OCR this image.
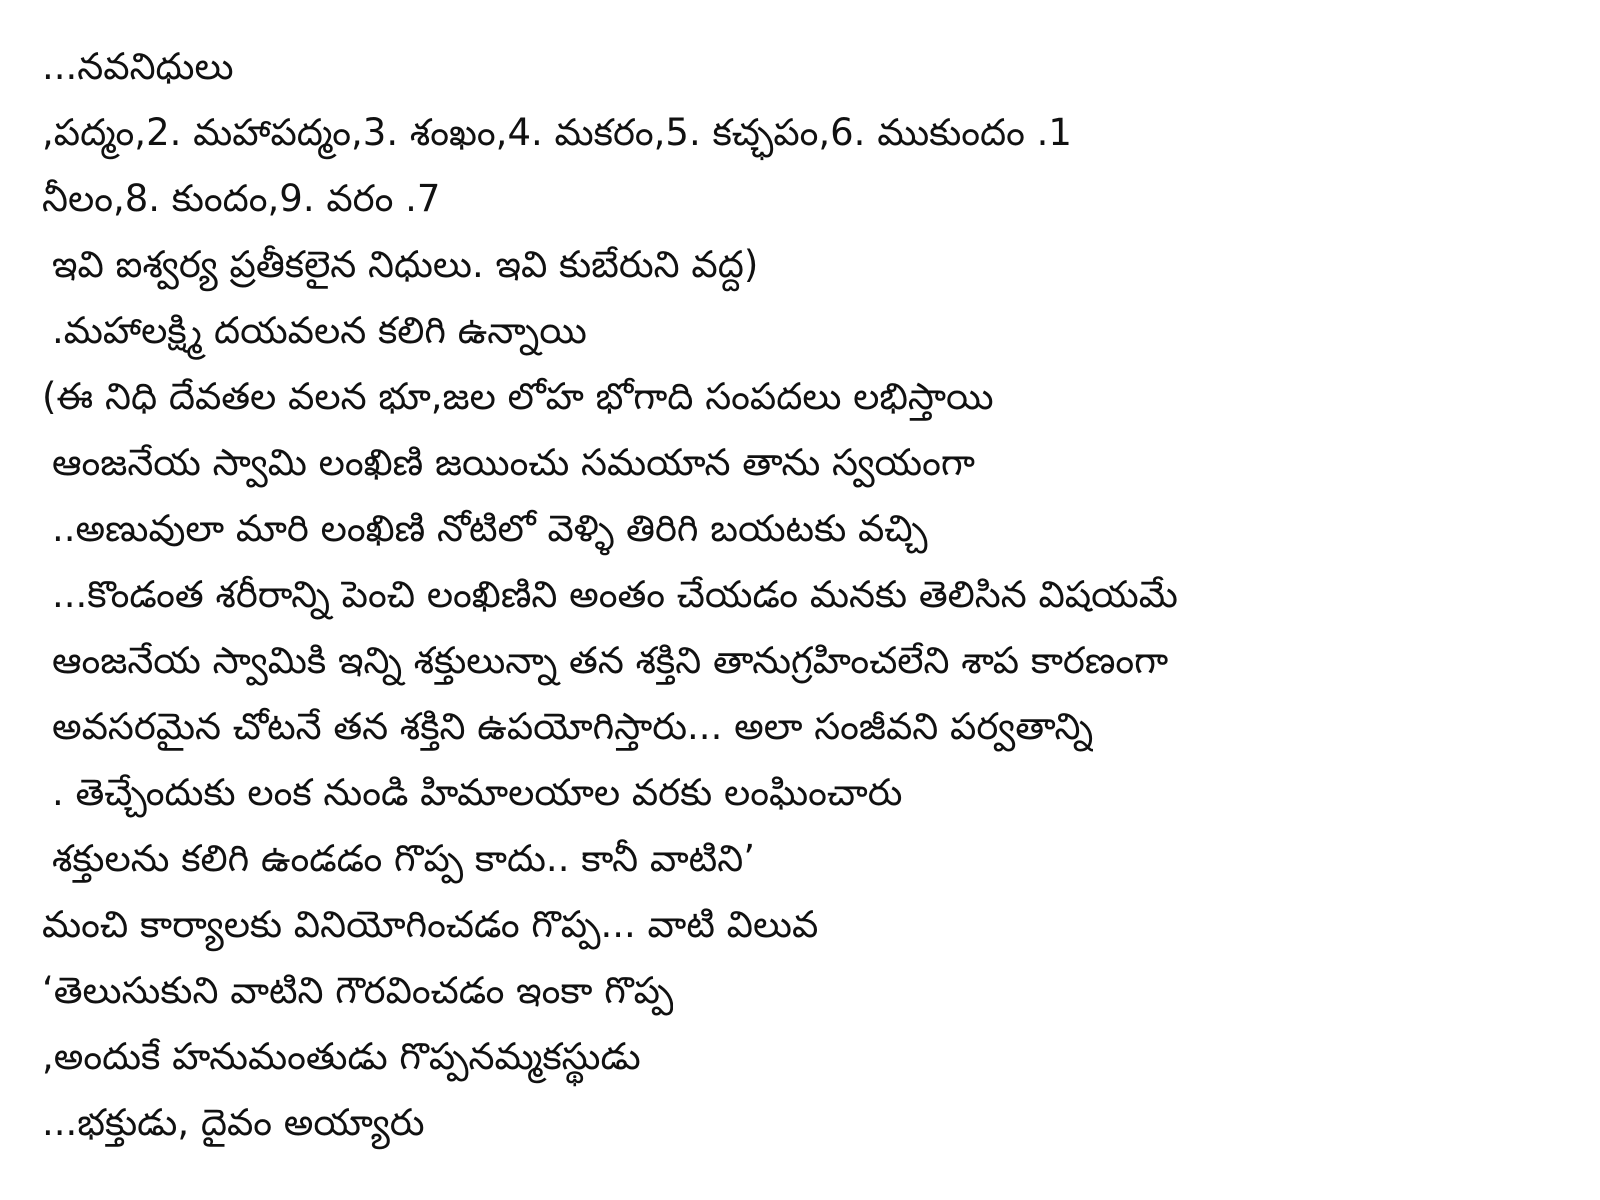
...నవనిధులు
,పద్మం,2. మహాపద్మం,3. శంఖం,4. మకరం,5. కచ్ఛపం,6. ముకుందం .1
నీలం,8. కుందం,9. వరం .7
ఇవి ఐశ్వర్య ప్రతీకలైన నిధులు. ఇవి కుబేరుని వద్ద)
.మహాలక్ష్మి దయవలన కలిగి ఉన్నాయి
(ఈ నిధి దేవతల వలన భూ,జల లోహ భోగాది సంపదలు లభిస్తాయి
ఆంజనేయ స్వామి లంఖిణి జయించు సమయాన తాను స్వయంగా
..అణువులా మారి లంఖిణి నోటిలో వెళ్ళి తిరిగి బయటకు వచ్చి
...కొండంత శరీరాన్ని పెంచి లంఖిణిని అంతం చేయడం మనకు తెలిసిన విషయమే
ఆంజనేయ స్వామికి ఇన్ని శక్తులున్నా తన శక్తిని తానుగ్రహించలేని శాప కారణంగా
అవసరమైన చోటనే తన శక్తిని ఉపయోగిస్తారు... అలా సంజీవని పర్వతాన్ని
. తెచ్చేందుకు లంక నుండి హిమాలయాల వరకు లంఘించారు
శక్తులను కలిగి ఉండడం గొప్ప కాదు.. కానీ వాటిని’
మంచి కార్యాలకు వినియోగించడం గొప్ప... వాటి విలువ
‘తెలుసుకుని వాటిని గౌరవించడం ఇంకా గొప్ప
,అందుకే హనుమంతుడు గొప్పనమ్మకస్థుడు
...భక్తుడు, దైవం అయ్యారు
